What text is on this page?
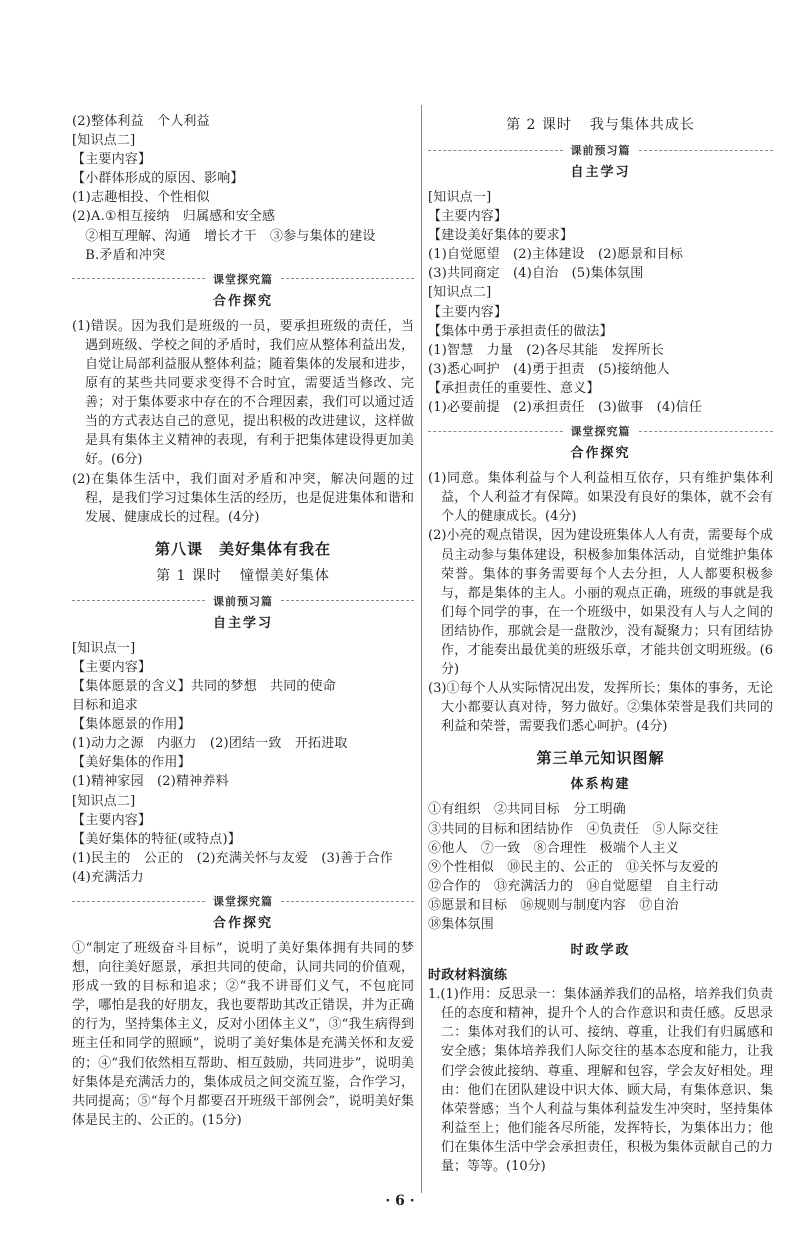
(2)整体利益　个人利益
[知识点二]
【主要内容】
【小群体形成的原因、影响】
(1)志趣相投、个性相似
(2)A.①相互接纳　归属感和安全感
　②相互理解、沟通　增长才干　③参与集体的建设
　B.矛盾和冲突
课堂探究篇
合作探究
(1)错误。因为我们是班级的一员，要承担班级的责任，当遇到班级、学校之间的矛盾时，我们应从整体利益出发，自觉让局部利益服从整体利益；随着集体的发展和进步，原有的某些共同要求变得不合时宜，需要适当修改、完善；对于集体要求中存在的不合理因素，我们可以通过适当的方式表达自己的意见，提出积极的改进建议，这样做是具有集体主义精神的表现，有利于把集体建设得更加美好。(6分)
(2)在集体生活中，我们面对矛盾和冲突，解决问题的过程，是我们学习过集体生活的经历，也是促进集体和谐和发展、健康成长的过程。(4分)
第八课　美好集体有我在
第 1 课时 憧憬美好集体
课前预习篇
自主学习
[知识点一]
【主要内容】
【集体愿景的含义】共同的梦想　共同的使命
目标和追求
【集体愿景的作用】
(1)动力之源　内驱力　(2)团结一致　开拓进取
【美好集体的作用】
(1)精神家园　(2)精神养料
[知识点二]
【主要内容】
【美好集体的特征(或特点)】
(1)民主的　公正的　(2)充满关怀与友爱　(3)善于合作
(4)充满活力
课堂探究篇
合作探究
①“制定了班级奋斗目标”，说明了美好集体拥有共同的梦想，向往美好愿景，承担共同的使命，认同共同的价值观，形成一致的目标和追求；②“我不讲哥们义气，不包庇同学，哪怕是我的好朋友，我也要帮助其改正错误，并为正确的行为，坚持集体主义，反对小团体主义”，③“我生病得到班主任和同学的照顾”，说明了美好集体是充满关怀和友爱的；④“我们依然相互帮助、相互鼓励，共同进步”，说明美好集体是充满活力的，集体成员之间交流互鉴，合作学习，共同提高；⑤“每个月都要召开班级干部例会”，说明美好集体是民主的、公正的。(15分)
第 2 课时 我与集体共成长
课前预习篇
自主学习
[知识点一]
【主要内容】
【建设美好集体的要求】
(1)自觉愿望　(2)主体建设　(2)愿景和目标
(3)共同商定　(4)自治　(5)集体氛围
[知识点二]
【主要内容】
【集体中勇于承担责任的做法】
(1)智慧　力量　(2)各尽其能　发挥所长
(3)悉心呵护　(4)勇于担责　(5)接纳他人
【承担责任的重要性、意义】
(1)必要前提　(2)承担责任　(3)做事　(4)信任
课堂探究篇
合作探究
(1)同意。集体利益与个人利益相互依存，只有维护集体利益，个人利益才有保障。如果没有良好的集体，就不会有个人的健康成长。(4分)
(2)小亮的观点错误，因为建设班集体人人有责，需要每个成员主动参与集体建设，积极参加集体活动，自觉维护集体荣誉。集体的事务需要每个人去分担，人人都要积极参与，都是集体的主人。小丽的观点正确，班级的事就是我们每个同学的事，在一个班级中，如果没有人与人之间的团结协作，那就会是一盘散沙，没有凝聚力；只有团结协作，才能奏出最优美的班级乐章，才能共创文明班级。(6分)
(3)①每个人从实际情况出发，发挥所长；集体的事务，无论大小都要认真对待，努力做好。②集体荣誉是我们共同的利益和荣誉，需要我们悉心呵护。(4分)
第三单元知识图解
体系构建
①有组织　②共同目标　分工明确
③共同的目标和团结协作　④负责任　⑤人际交往
⑥他人　⑦一致　⑧合理性　极端个人主义
⑨个性相似　⑩民主的、公正的　⑪关怀与友爱的
⑫合作的　⑬充满活力的　⑭自觉愿望　自主行动
⑮愿景和目标　⑯规则与制度内容　⑰自治
⑱集体氛围
时政学政
时政材料演练
1.(1)作用：反思录一：集体涵养我们的品格，培养我们负责任的态度和精神，提升个人的合作意识和责任感。反思录二：集体对我们的认可、接纳、尊重，让我们有归属感和安全感；集体培养我们人际交往的基本态度和能力，让我们学会彼此接纳、尊重、理解和包容，学会友好相处。理由：他们在团队建设中识大体、顾大局，有集体意识、集体荣誉感；当个人利益与集体利益发生冲突时，坚持集体利益至上；他们能各尽所能，发挥特长，为集体出力；他们在集体生活中学会承担责任，积极为集体贡献自己的力量；等等。(10分)
· 6 ·
